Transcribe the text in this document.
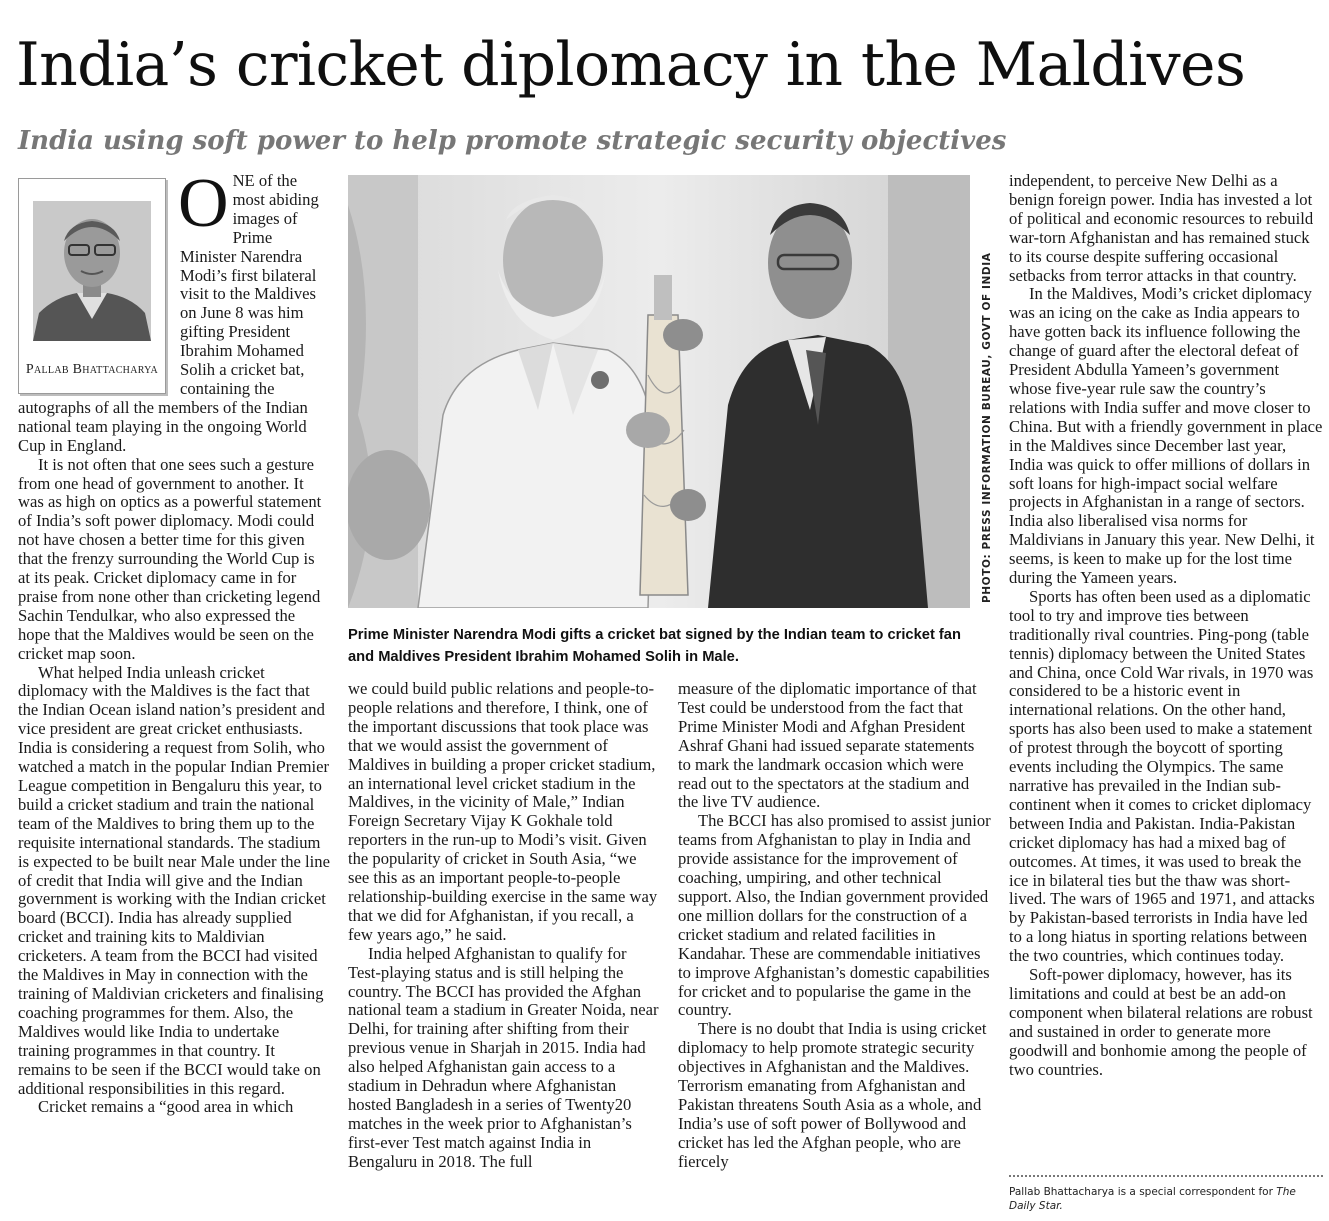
India’s cricket diplomacy in the Maldives
India using soft power to help promote strategic security objectives
PHOTO: PRESS INFORMATION BUREAU, GOVT OF INDIA

Prime Minister Narendra Modi gifts a cricket bat signed by the Indian team to cricket fan and Maldives President Ibrahim Mohamed Solih in Male.

Pallab Bhattacharya

ONE of the most abiding images of Prime Minister Narendra Modi’s first bilateral visit to the Maldives on June 8 was him gifting President Ibrahim Mohamed Solih a cricket bat, containing the autographs of all the members of the Indian national team playing in the ongoing World Cup in England.

It is not often that one sees such a gesture from one head of government to another. It was as high on optics as a powerful statement of India’s soft power diplomacy. Modi could not have chosen a better time for this given that the frenzy surrounding the World Cup is at its peak. Cricket diplomacy came in for praise from none other than cricketing legend Sachin Tendulkar, who also expressed the hope that the Maldives would be seen on the cricket map soon.

What helped India unleash cricket diplomacy with the Maldives is the fact that the Indian Ocean island nation’s president and vice president are great cricket enthusiasts. India is considering a request from Solih, who watched a match in the popular Indian Premier League competition in Bengaluru this year, to build a cricket stadium and train the national team of the Maldives to bring them up to the requisite international standards. The stadium is expected to be built near Male under the line of credit that India will give and the Indian government is working with the Indian cricket board (BCCI). India has already supplied cricket and training kits to Maldivian cricketers. A team from the BCCI had visited the Maldives in May in connection with the training of Maldivian cricketers and finalising coaching programmes for them. Also, the Maldives would like India to undertake training programmes in that country. It remains to be seen if the BCCI would take on additional responsibilities in this regard.

Cricket remains a “good area in which

we could build public relations and people-to-people relations and therefore, I think, one of the important discussions that took place was that we would assist the government of Maldives in building a proper cricket stadium, an international level cricket stadium in the Maldives, in the vicinity of Male,” Indian Foreign Secretary Vijay K Gokhale told reporters in the run-up to Modi’s visit. Given the popularity of cricket in South Asia, “we see this as an important people-to-people relationship-building exercise in the same way that we did for Afghanistan, if you recall, a few years ago,” he said.

India helped Afghanistan to qualify for Test-playing status and is still helping the country. The BCCI has provided the Afghan national team a stadium in Greater Noida, near Delhi, for training after shifting from their previous venue in Sharjah in 2015. India had also helped Afghanistan gain access to a stadium in Dehradun where Afghanistan hosted Bangladesh in a series of Twenty20 matches in the week prior to Afghanistan’s first-ever Test match against India in Bengaluru in 2018. The full

measure of the diplomatic importance of that Test could be understood from the fact that Prime Minister Modi and Afghan President Ashraf Ghani had issued separate statements to mark the landmark occasion which were read out to the spectators at the stadium and the live TV audience.

The BCCI has also promised to assist junior teams from Afghanistan to play in India and provide assistance for the improvement of coaching, umpiring, and other technical support. Also, the Indian government provided one million dollars for the construction of a cricket stadium and related facilities in Kandahar. These are commendable initiatives to improve Afghanistan’s domestic capabilities for cricket and to popularise the game in the country.

There is no doubt that India is using cricket diplomacy to help promote strategic security objectives in Afghanistan and the Maldives. Terrorism emanating from Afghanistan and Pakistan threatens South Asia as a whole, and India’s use of soft power of Bollywood and cricket has led the Afghan people, who are fiercely

independent, to perceive New Delhi as a benign foreign power. India has invested a lot of political and economic resources to rebuild war-torn Afghanistan and has remained stuck to its course despite suffering occasional setbacks from terror attacks in that country.

In the Maldives, Modi’s cricket diplomacy was an icing on the cake as India appears to have gotten back its influence following the change of guard after the electoral defeat of President Abdulla Yameen’s government whose five-year rule saw the country’s relations with India suffer and move closer to China. But with a friendly government in place in the Maldives since December last year, India was quick to offer millions of dollars in soft loans for high-impact social welfare projects in Afghanistan in a range of sectors. India also liberalised visa norms for Maldivians in January this year. New Delhi, it seems, is keen to make up for the lost time during the Yameen years.

Sports has often been used as a diplomatic tool to try and improve ties between traditionally rival countries. Ping-pong (table tennis) diplomacy between the United States and China, once Cold War rivals, in 1970 was considered to be a historic event in international relations. On the other hand, sports has also been used to make a statement of protest through the boycott of sporting events including the Olympics. The same narrative has prevailed in the Indian sub-continent when it comes to cricket diplomacy between India and Pakistan. India-Pakistan cricket diplomacy has had a mixed bag of outcomes. At times, it was used to break the ice in bilateral ties but the thaw was short-lived. The wars of 1965 and 1971, and attacks by Pakistan-based terrorists in India have led to a long hiatus in sporting relations between the two countries, which continues today.

Soft-power diplomacy, however, has its limitations and could at best be an add-on component when bilateral relations are robust and sustained in order to generate more goodwill and bonhomie among the people of two countries.

Pallab Bhattacharya is a special correspondent for The Daily Star.
